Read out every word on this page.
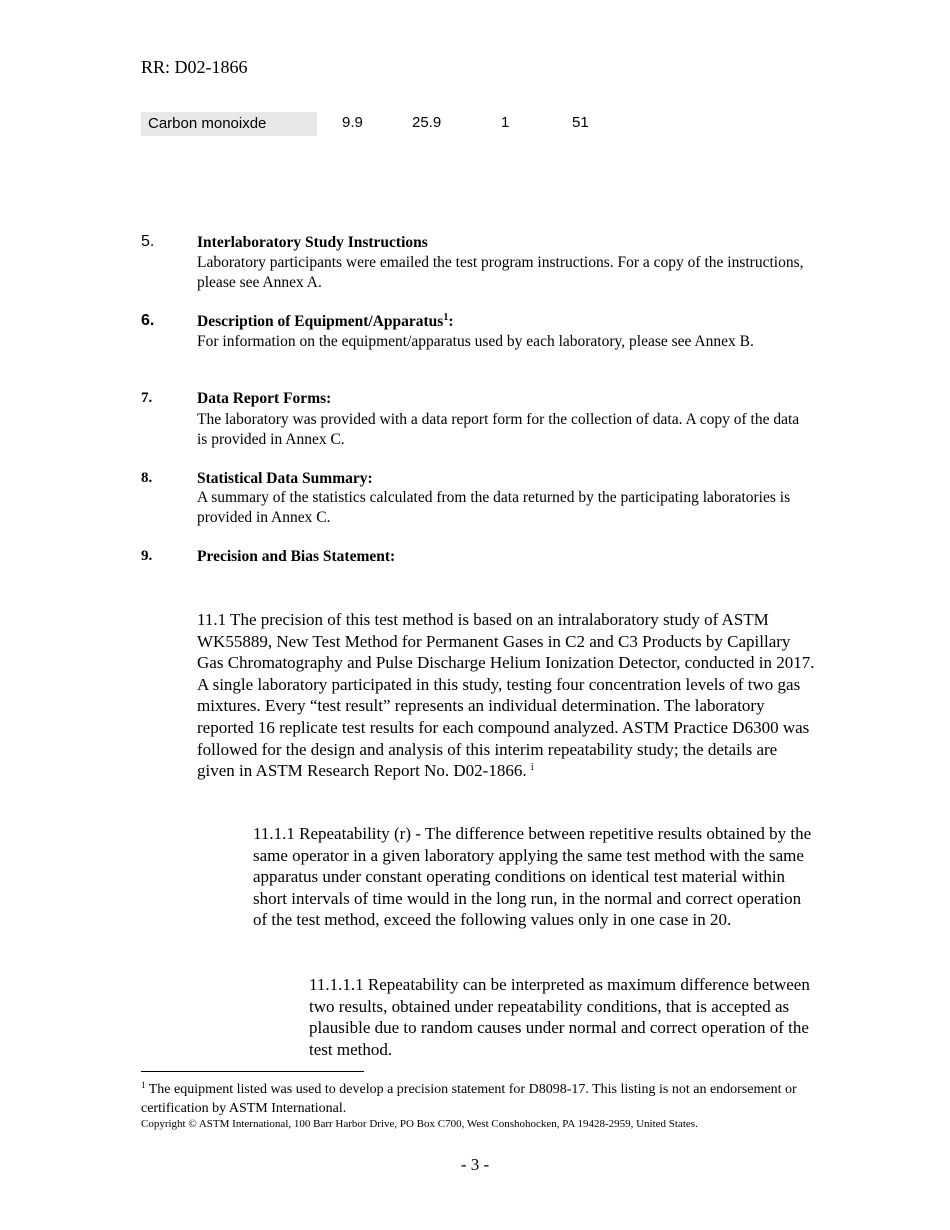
RR: D02-1866
Carbon monoixde	9.9	25.9	1	51
5.	Interlaboratory Study Instructions
Laboratory participants were emailed the test program instructions. For a copy of the instructions, please see Annex A.
6.	Description of Equipment/Apparatus$^1$:
For information on the equipment/apparatus used by each laboratory, please see Annex B.
7.	Data Report Forms:
The laboratory was provided with a data report form for the collection of data. A copy of the data is provided in Annex C.
8.	Statistical Data Summary:
A summary of the statistics calculated from the data returned by the participating laboratories is provided in Annex C.
9.	Precision and Bias Statement:
11.1 The precision of this test method is based on an intralaboratory study of ASTM WK55889, New Test Method for Permanent Gases in C2 and C3 Products by Capillary Gas Chromatography and Pulse Discharge Helium Ionization Detector, conducted in 2017. A single laboratory participated in this study, testing four concentration levels of two gas mixtures. Every “test result” represents an individual determination. The laboratory reported 16 replicate test results for each compound analyzed. ASTM Practice D6300 was followed for the design and analysis of this interim repeatability study; the details are given in ASTM Research Report No. D02-1866. $^i$
11.1.1 Repeatability (r) - The difference between repetitive results obtained by the same operator in a given laboratory applying the same test method with the same apparatus under constant operating conditions on identical test material within short intervals of time would in the long run, in the normal and correct operation of the test method, exceed the following values only in one case in 20.
11.1.1.1 Repeatability can be interpreted as maximum difference between two results, obtained under repeatability conditions, that is accepted as plausible due to random causes under normal and correct operation of the test method.
$^1$ The equipment listed was used to develop a precision statement for D8098-17. This listing is not an endorsement or certification by ASTM International.
Copyright © ASTM International, 100 Barr Harbor Drive, PO Box C700, West Conshohocken, PA 19428-2959, United States.
- 3 -
